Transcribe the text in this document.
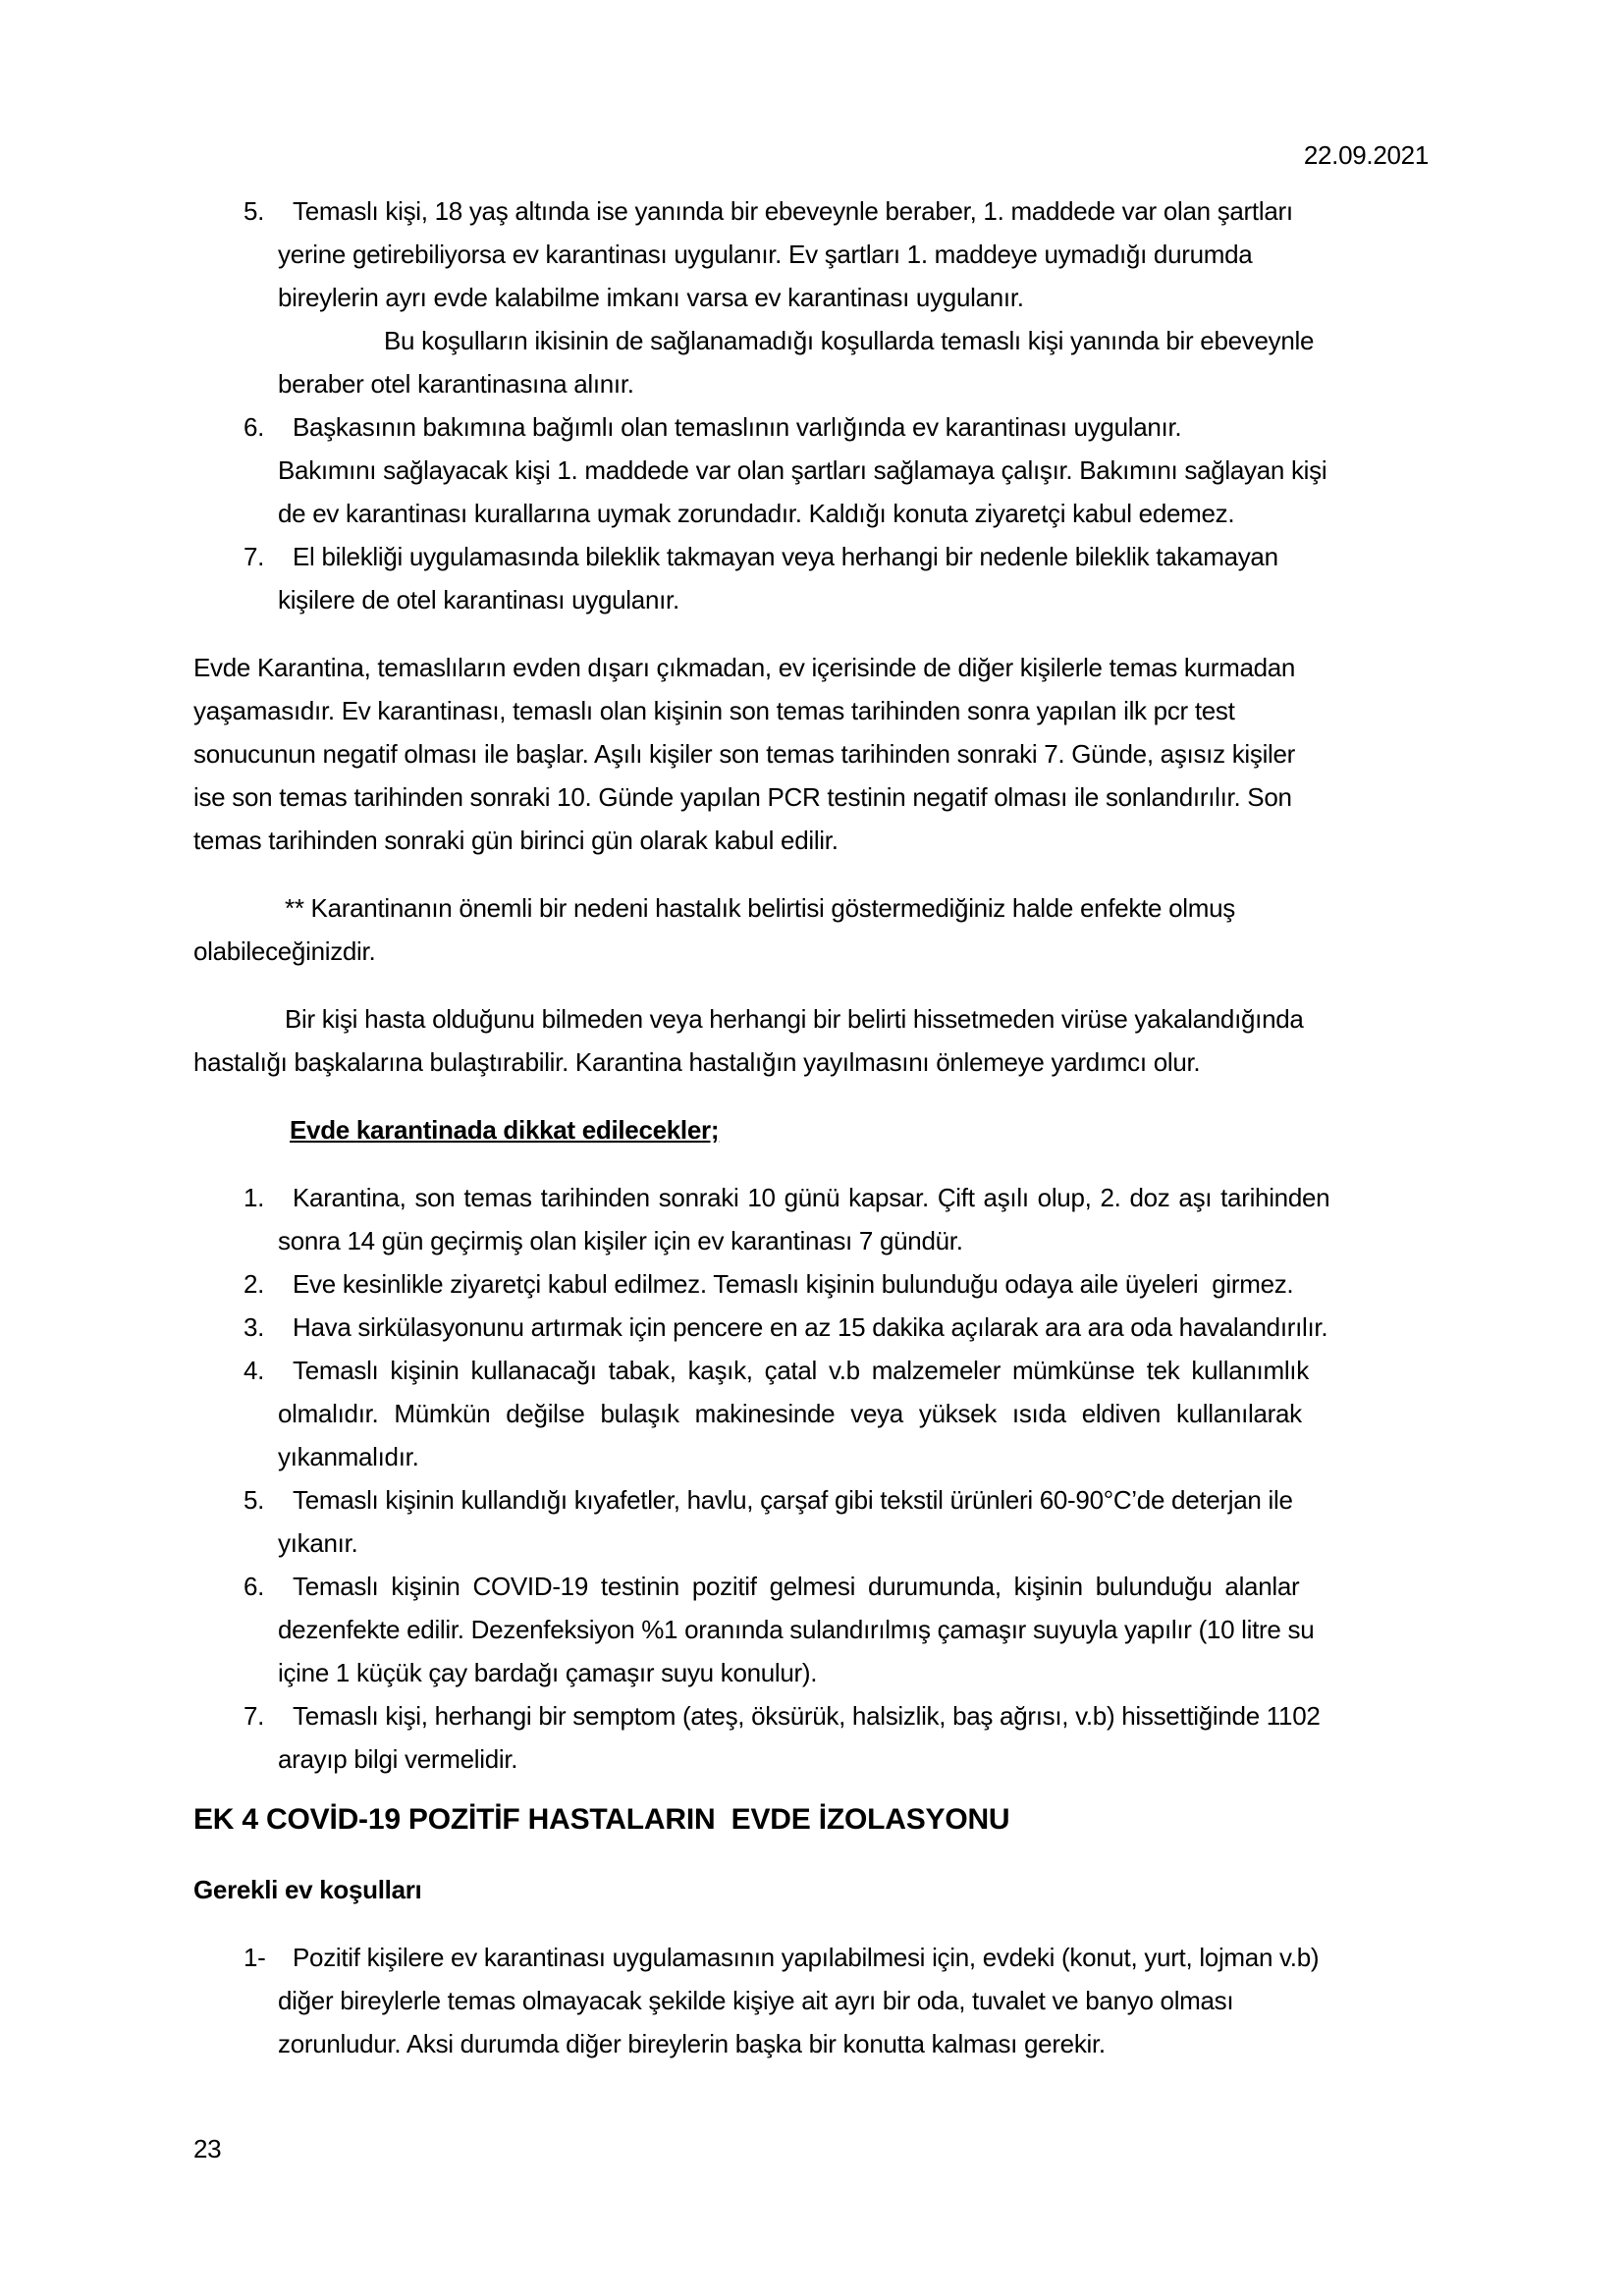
22.09.2021
5.	Temaslı kişi, 18 yaş altında ise yanında bir ebeveynle beraber, 1. maddede var olan şartları
yerine getirebiliyorsa ev karantinası uygulanır. Ev şartları 1. maddeye uymadığı durumda
bireylerin ayrı evde kalabilme imkanı varsa ev karantinası uygulanır.
Bu koşulların ikisinin de sağlanamadığı koşullarda temaslı kişi yanında bir ebeveynle
beraber otel karantinasına alınır.
6.	Başkasının bakımına bağımlı olan temaslının varlığında ev karantinası uygulanır.
Bakımını sağlayacak kişi 1. maddede var olan şartları sağlamaya çalışır. Bakımını sağlayan kişi
de ev karantinası kurallarına uymak zorundadır. Kaldığı konuta ziyaretçi kabul edemez.
7.	El bilekliği uygulamasında bileklik takmayan veya herhangi bir nedenle bileklik takamayan
kişilere de otel karantinası uygulanır.
Evde Karantina, temaslıların evden dışarı çıkmadan, ev içerisinde de diğer kişilerle temas kurmadan
yaşamasıdır. Ev karantinası, temaslı olan kişinin son temas tarihinden sonra yapılan ilk pcr test
sonucunun negatif olması ile başlar. Aşılı kişiler son temas tarihinden sonraki 7. Günde, aşısız kişiler
ise son temas tarihinden sonraki 10. Günde yapılan PCR testinin negatif olması ile sonlandırılır. Son
temas tarihinden sonraki gün birinci gün olarak kabul edilir.
** Karantinanın önemli bir nedeni hastalık belirtisi göstermediğiniz halde enfekte olmuş
olabileceğinizdir.
Bir kişi hasta olduğunu bilmeden veya herhangi bir belirti hissetmeden virüse yakalandığında
hastalığı başkalarına bulaştırabilir. Karantina hastalığın yayılmasını önlemeye yardımcı olur.
Evde karantinada dikkat edilecekler;
1.	Karantina, son temas tarihinden sonraki 10 günü kapsar. Çift aşılı olup, 2. doz aşı tarihinden
sonra 14 gün geçirmiş olan kişiler için ev karantinası 7 gündür.
2.	Eve kesinlikle ziyaretçi kabul edilmez. Temaslı kişinin bulunduğu odaya aile üyeleri  girmez.
3.	Hava sirkülasyonunu artırmak için pencere en az 15 dakika açılarak ara ara oda havalandırılır.
4.	Temaslı kişinin kullanacağı tabak, kaşık, çatal v.b malzemeler mümkünse tek kullanımlık
olmalıdır. Mümkün değilse bulaşık makinesinde veya yüksek ısıda eldiven kullanılarak
yıkanmalıdır.
5.	Temaslı kişinin kullandığı kıyafetler, havlu, çarşaf gibi tekstil ürünleri 60-90°C’de deterjan ile
yıkanır.
6.	Temaslı kişinin COVID-19 testinin pozitif gelmesi durumunda, kişinin bulunduğu alanlar
dezenfekte edilir. Dezenfeksiyon %1 oranında sulandırılmış çamaşır suyuyla yapılır (10 litre su
içine 1 küçük çay bardağı çamaşır suyu konulur).
7.	Temaslı kişi, herhangi bir semptom (ateş, öksürük, halsizlik, baş ağrısı, v.b) hissettiğinde 1102
arayıp bilgi vermelidir.
EK 4 COVİD-19 POZİTİF HASTALARIN  EVDE İZOLASYONU
Gerekli ev koşulları
1-	Pozitif kişilere ev karantinası uygulamasının yapılabilmesi için, evdeki (konut, yurt, lojman v.b)
diğer bireylerle temas olmayacak şekilde kişiye ait ayrı bir oda, tuvalet ve banyo olması
zorunludur. Aksi durumda diğer bireylerin başka bir konutta kalması gerekir.
23
